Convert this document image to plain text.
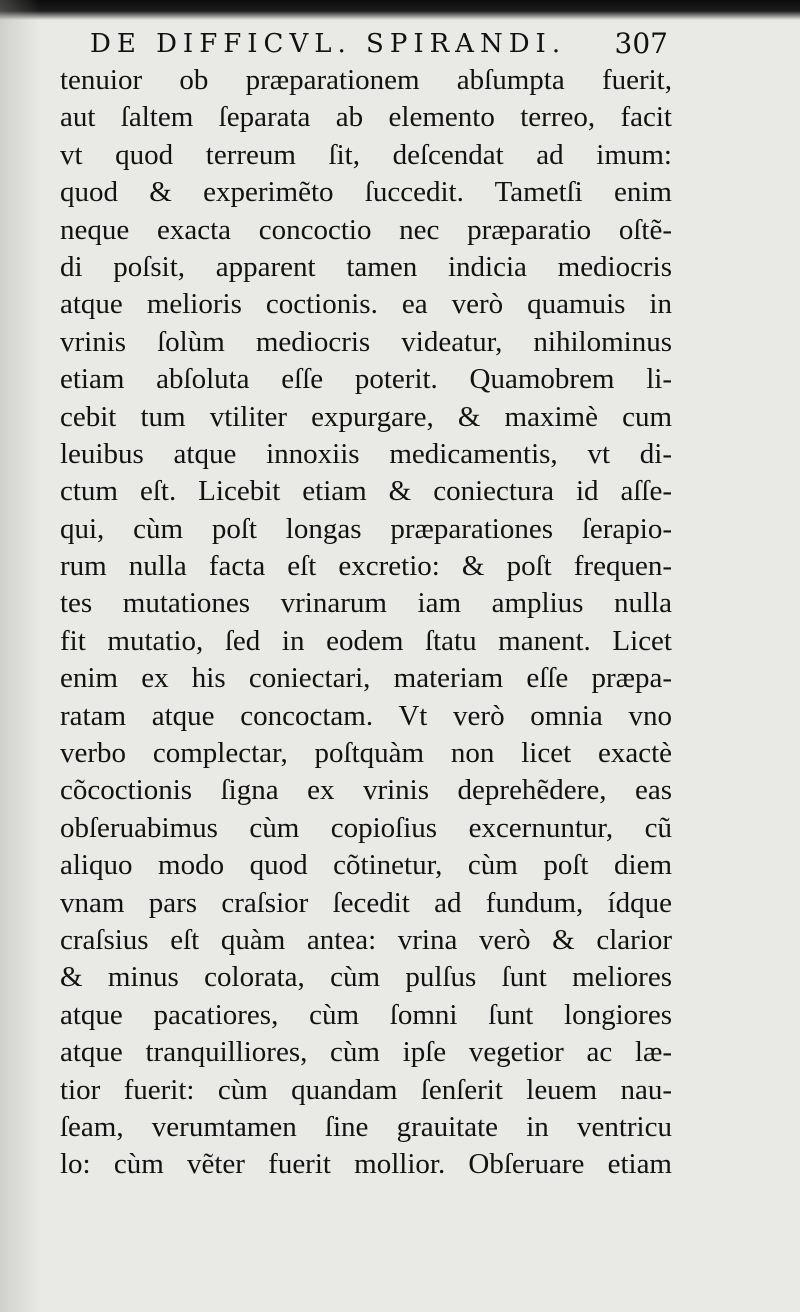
DE DIFFICVL. SPIRANDI. 307
tenuior ob præparationem abſumpta fuerit,
aut ſaltem ſeparata ab elemento terreo, facit
vt quod terreum ſit, deſcendat ad imum:
quod & experimẽto ſuccedit. Tametſi enim
neque exacta concoctio nec præparatio oſtẽ-
di poſsit, apparent tamen indicia mediocris
atque melioris coctionis. ea verò quamuis in
vrinis ſolùm mediocris videatur, nihilominus
etiam abſoluta eſſe poterit. Quamobrem li-
cebit tum vtiliter expurgare, & maximè cum
leuibus atque innoxiis medicamentis, vt di-
ctum eſt. Licebit etiam & coniectura id aſſe-
qui, cùm poſt longas præparationes ſerapio-
rum nulla facta eſt excretio: & poſt frequen-
tes mutationes vrinarum iam amplius nulla
fit mutatio, ſed in eodem ſtatu manent. Licet
enim ex his coniectari, materiam eſſe præpa-
ratam atque concoctam. Vt verò omnia vno
verbo complectar, poſtquàm non licet exactè
cõcoctionis ſigna ex vrinis deprehẽdere, eas
obſeruabimus cùm copioſius excernuntur, cũ
aliquo modo quod cõtinetur, cùm poſt diem
vnam pars craſsior ſecedit ad fundum, ídque
craſsius eſt quàm antea: vrina verò & clarior
& minus colorata, cùm pulſus ſunt meliores
atque pacatiores, cùm ſomni ſunt longiores
atque tranquilliores, cùm ipſe vegetior ac læ-
tior fuerit: cùm quandam ſenſerit leuem nau-
ſeam, verumtamen ſine grauitate in ventricu
lo: cùm vẽter fuerit mollior. Obſeruare etiam
